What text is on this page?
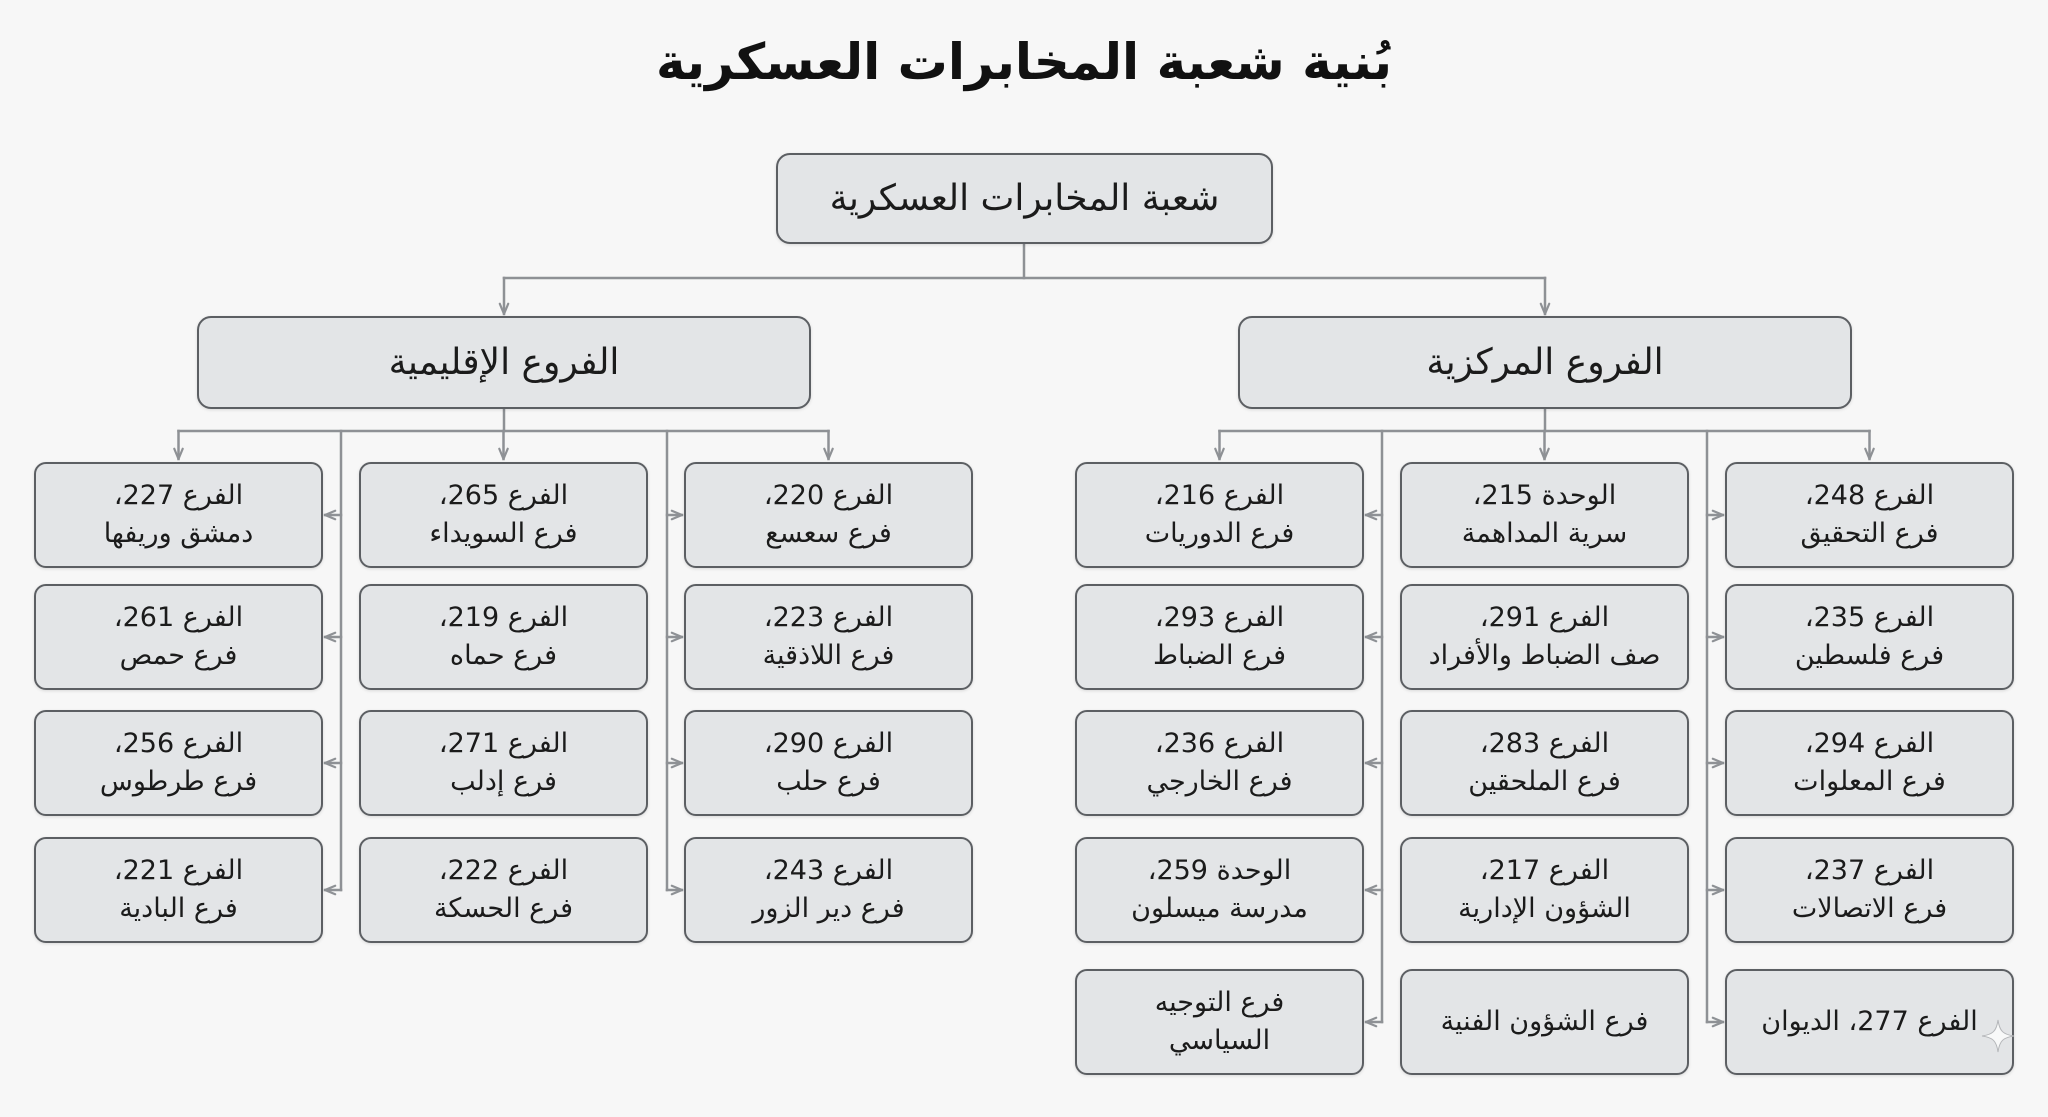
بُنية شعبة المخابرات العسكرية
شعبة المخابرات العسكرية
الفروع الإقليمية	الفروع المركزية
الفرع 227،
دمشق وريفها
الفرع 261،
فرع حمص
الفرع 256،
فرع طرطوس
الفرع 221،
فرع البادية
الفرع 265،
فرع السويداء
الفرع 219،
فرع حماه
الفرع 271،
فرع إدلب
الفرع 222،
فرع الحسكة
الفرع 220،
فرع سعسع
الفرع 223،
فرع اللاذقية
الفرع 290،
فرع حلب
الفرع 243،
فرع دير الزور
الفرع 216،
فرع الدوريات
الفرع 293،
فرع الضباط
الفرع 236،
فرع الخارجي
الوحدة 259،
مدرسة ميسلون
فرع التوجيه
السياسي
الوحدة 215،
سرية المداهمة
الفرع 291،
صف الضباط والأفراد
الفرع 283،
فرع الملحقين
الفرع 217،
الشؤون الإدارية
فرع الشؤون الفنية
الفرع 248،
فرع التحقيق
الفرع 235،
فرع فلسطين
الفرع 294،
فرع المعلوات
الفرع 237،
فرع الاتصالات
الفرع 277، الديوان
